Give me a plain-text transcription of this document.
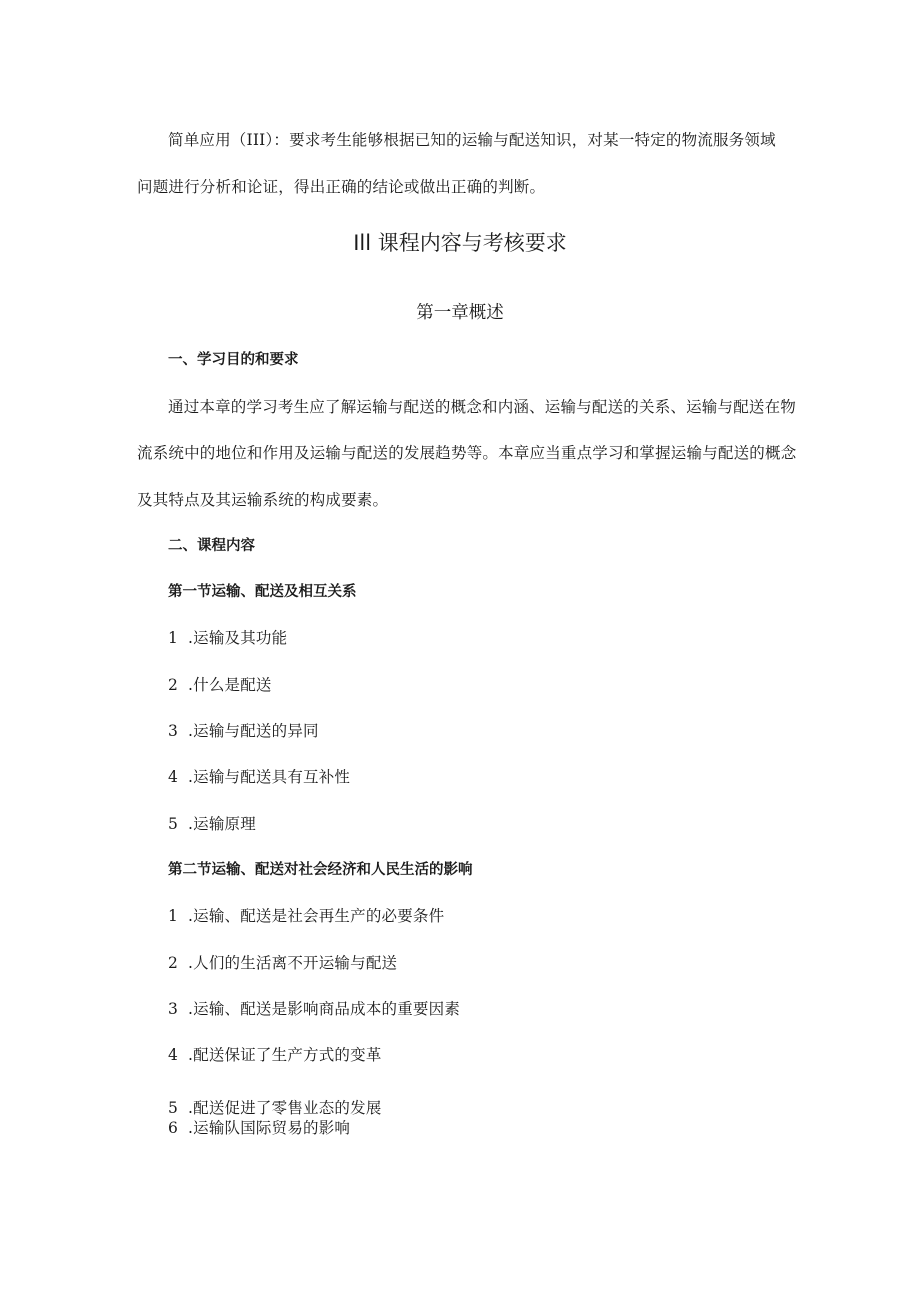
简单应用（III）：要求考生能够根据已知的运输与配送知识，对某一特定的物流服务领域
问题进行分析和论证，得出正确的结论或做出正确的判断。
Ill 课程内容与考核要求
第一章概述
一、学习目的和要求
通过本章的学习考生应了解运输与配送的概念和内涵、运输与配送的关系、运输与配送在物
流系统中的地位和作用及运输与配送的发展趋势等。本章应当重点学习和掌握运输与配送的概念
及其特点及其运输系统的构成要素。
二、课程内容
第一节运输、配送及相互关系
1 .运输及其功能
2 .什么是配送
3 .运输与配送的异同
4 .运输与配送具有互补性
5 .运输原理
第二节运输、配送对社会经济和人民生活的影响
1 .运输、配送是社会再生产的必要条件
2 .人们的生活离不开运输与配送
3 .运输、配送是影响商品成本的重要因素
4 .配送保证了生产方式的变革
5 .配送促进了零售业态的发展
6 .运输队国际贸易的影响
